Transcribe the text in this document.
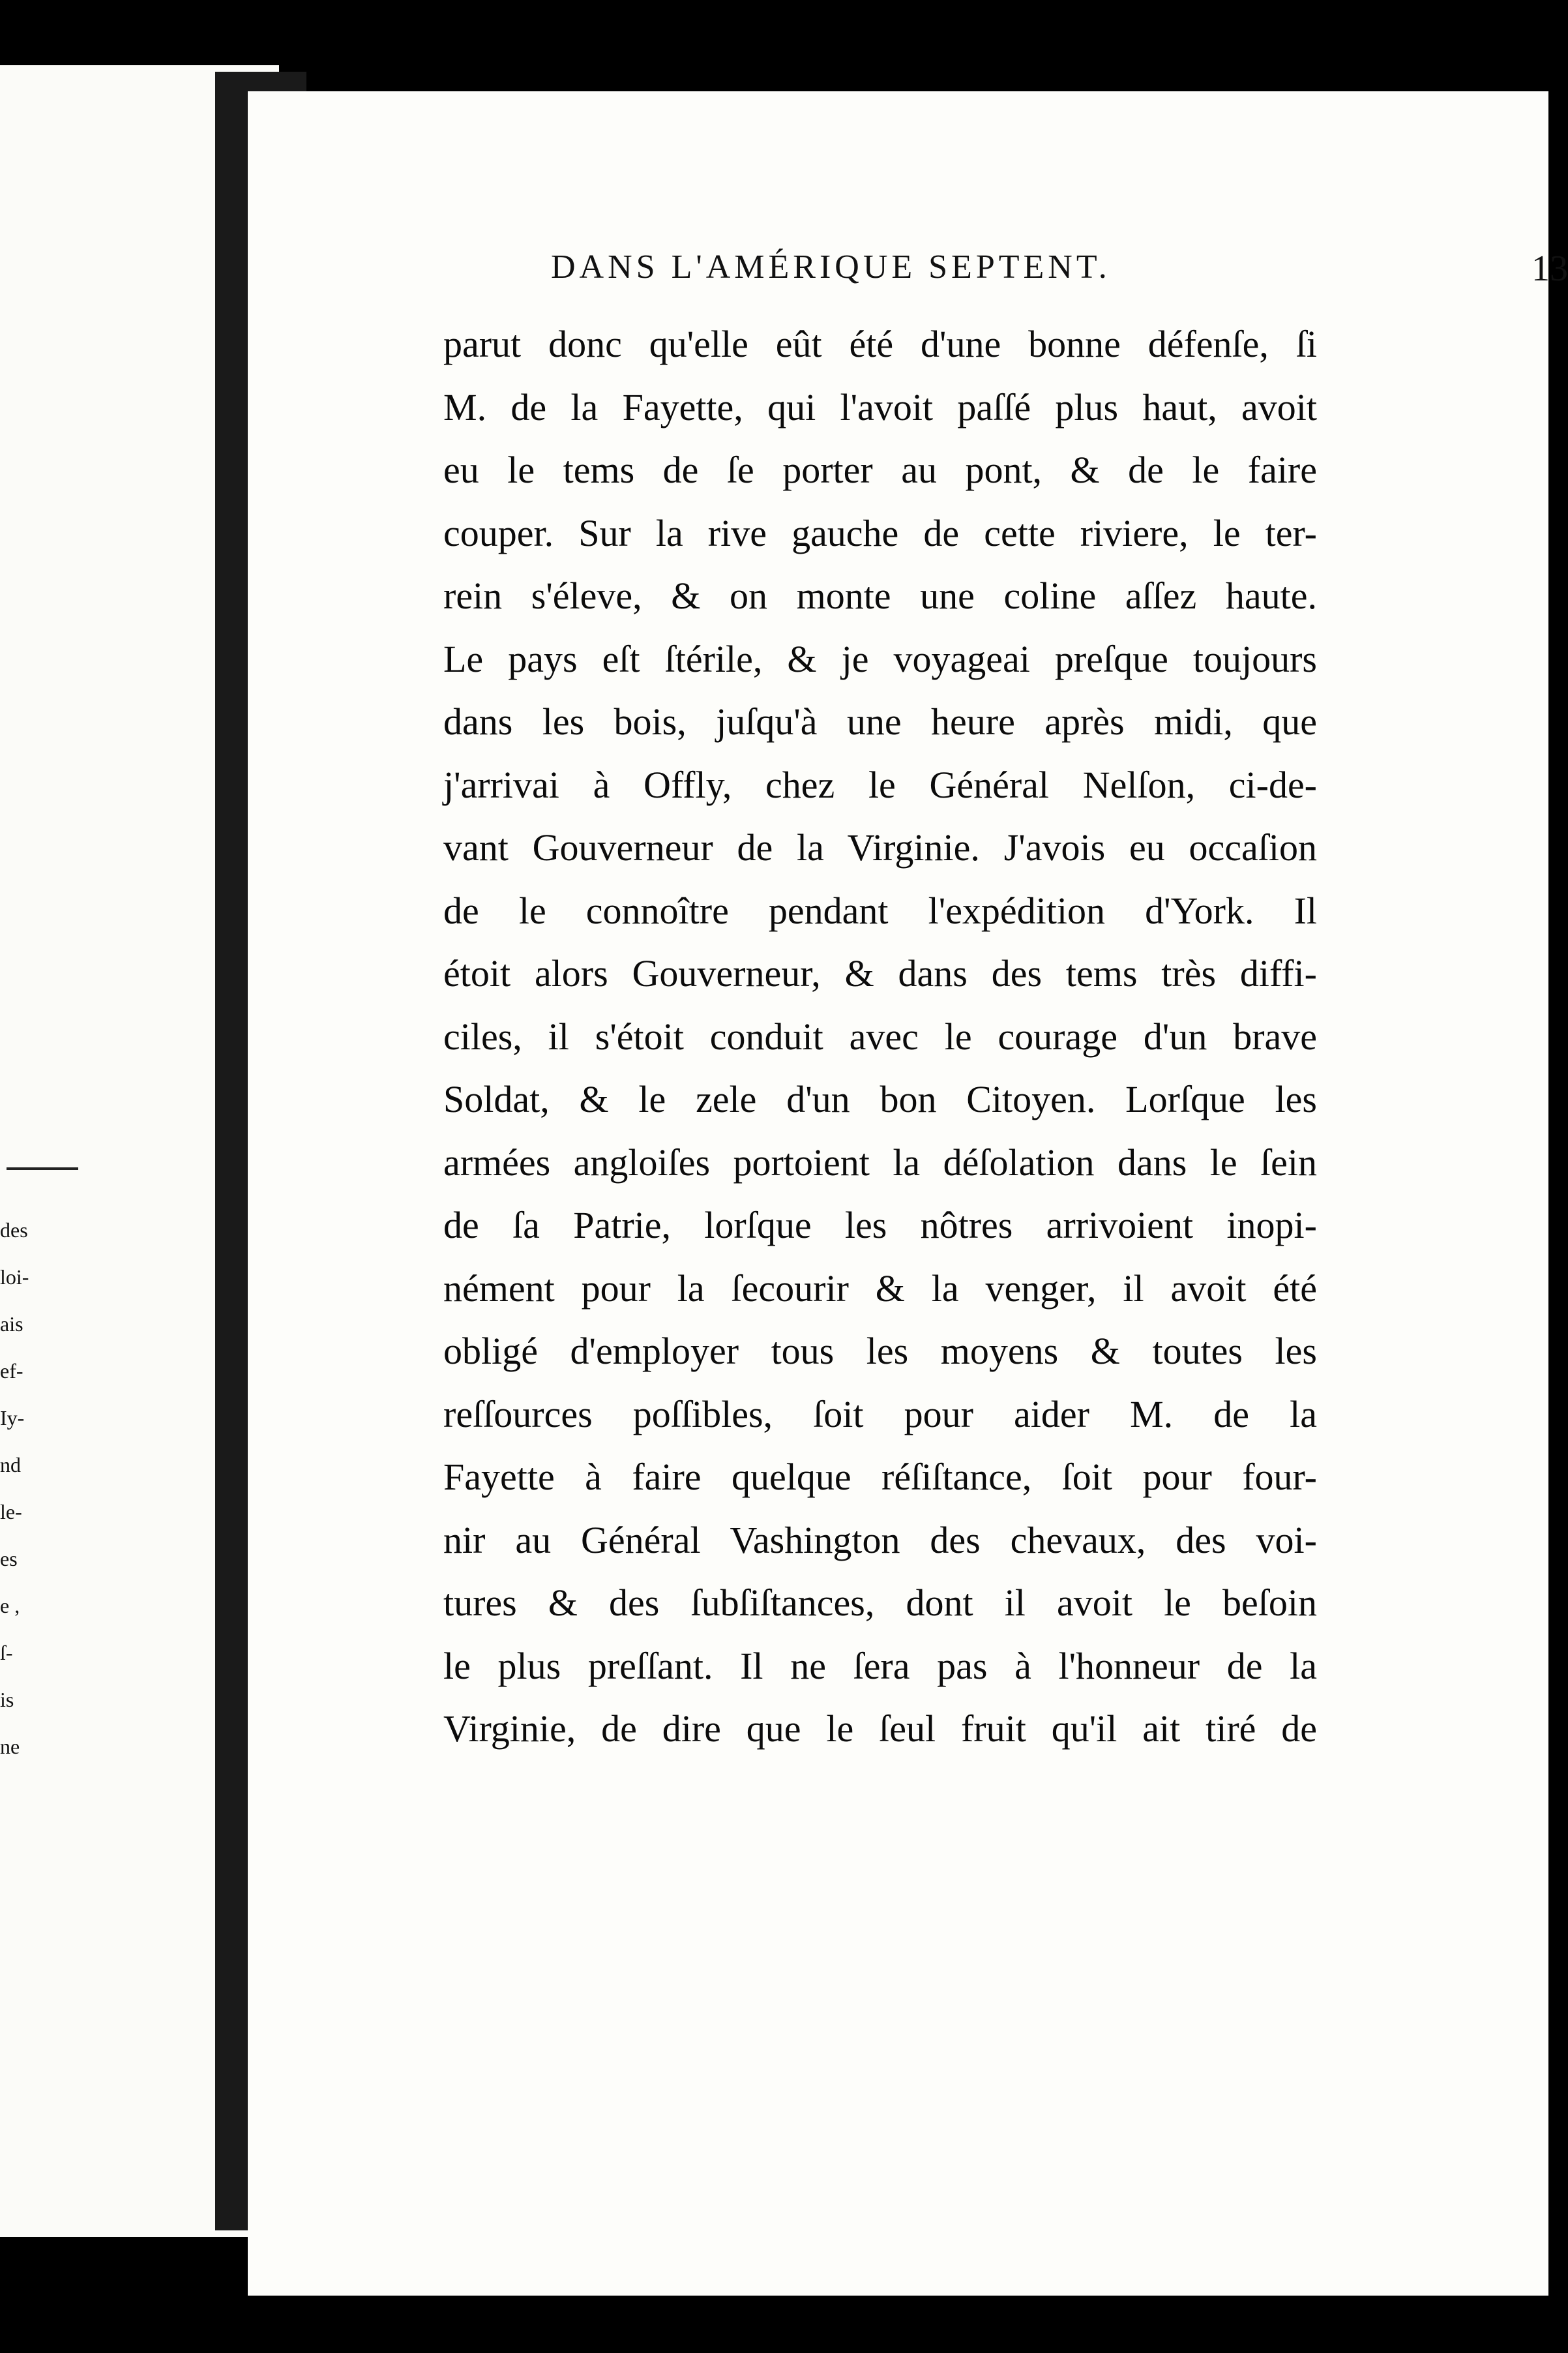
des
loi-
ais
ef-
Iy-
nd
le-
es
e ,
ſ-
is
ne
DANS L'AMÉRIQUE SEPTENT.	13
parut donc qu'elle eût été d'une bonne défenſe, ſi
M. de la Fayette, qui l'avoit paſſé plus haut, avoit
eu le tems de ſe porter au pont, & de le faire
couper. Sur la rive gauche de cette riviere, le ter-
rein s'éleve, & on monte une coline aſſez haute.
Le pays eſt ſtérile, & je voyageai preſque toujours
dans les bois, juſqu'à une heure après midi, que
j'arrivai à Offly, chez le Général Nelſon, ci-de-
vant Gouverneur de la Virginie. J'avois eu occaſion
de le connoître pendant l'expédition d'York. Il
étoit alors Gouverneur, & dans des tems très diffi-
ciles, il s'étoit conduit avec le courage d'un brave
Soldat, & le zele d'un bon Citoyen. Lorſque les
armées angloiſes portoient la déſolation dans le ſein
de ſa Patrie, lorſque les nôtres arrivoient inopi-
nément pour la ſecourir & la venger, il avoit été
obligé d'employer tous les moyens & toutes les
reſſources poſſibles, ſoit pour aider M. de la
Fayette à faire quelque réſiſtance, ſoit pour four-
nir au Général Vashington des chevaux, des voi-
tures & des ſubſiſtances, dont il avoit le beſoin
le plus preſſant. Il ne ſera pas à l'honneur de la
Virginie, de dire que le ſeul fruit qu'il ait tiré de
